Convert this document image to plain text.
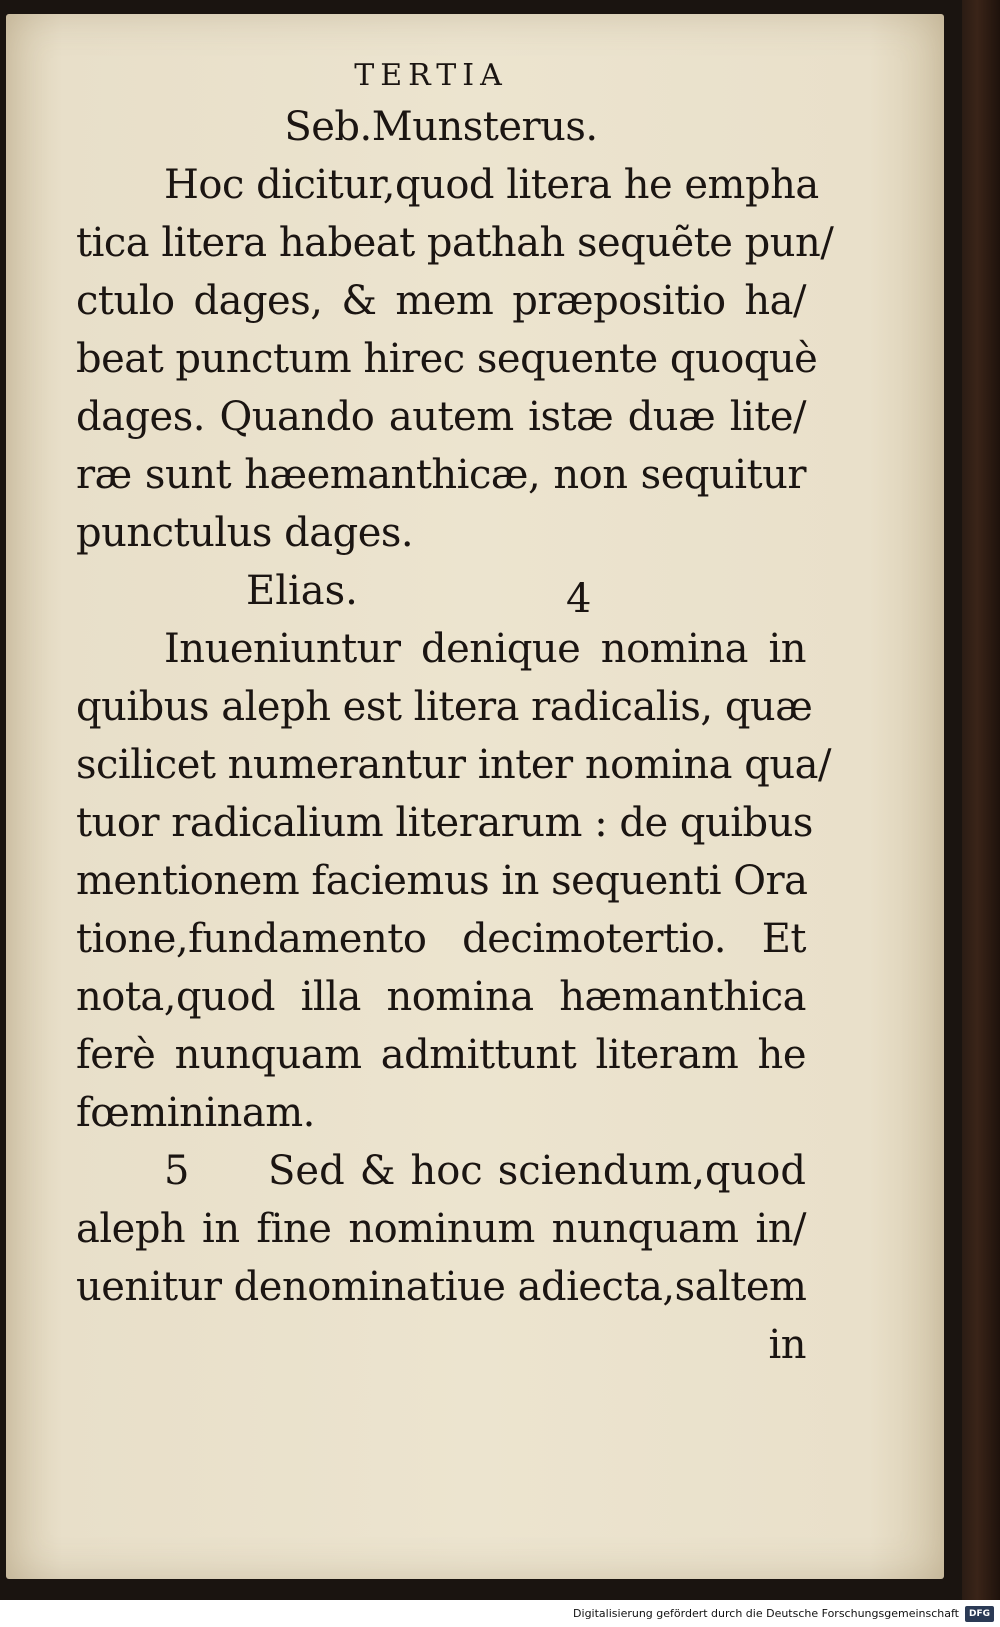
TERTIA
Seb.Munsterus.
Hoc dicitur,quod litera he empha
tica litera habeat pathah sequẽte pun/
ctulo dages, & mem præpositio ha/
beat punctum hirec sequente quoquè
dages. Quando autem istæ duæ lite/
ræ sunt hæemanthicæ, non sequitur
punctulus dages.
Elias.	4
Inueniuntur denique nomina in
quibus aleph est litera radicalis, quæ
scilicet numerantur inter nomina qua/
tuor radicalium literarum : de quibus
mentionem faciemus in sequenti Ora
tione,fundamento decimotertio. Et
nota,quod illa nomina hæmanthica
ferè nunquam admittunt literam he
fœmininam.
5 Sed & hoc sciendum,quod
aleph in fine nominum nunquam in/
uenitur denominatiue adiecta,saltem
in
Digitalisierung gefördert durch die Deutsche Forschungsgemeinschaft DFG
